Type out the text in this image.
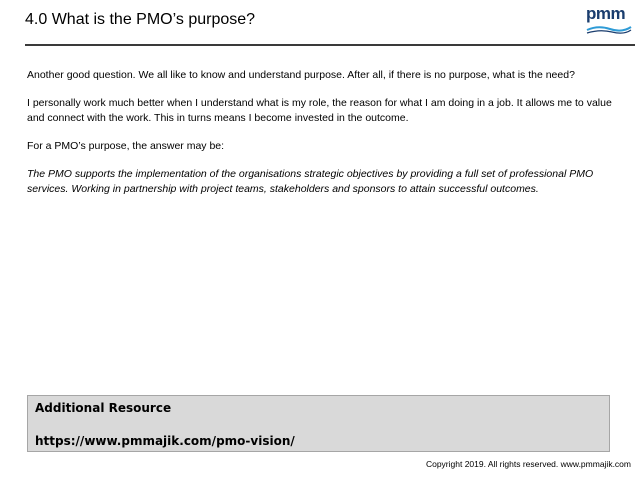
4.0 What is the PMO’s purpose?	pmm

Another good question. We all like to know and understand purpose. After all, if there is no purpose, what is the need?

I personally work much better when I understand what is my role, the reason for what I am doing in a job. It allows me to value and connect with the work. This in turns means I become invested in the outcome.

For a PMO’s purpose, the answer may be:

The PMO supports the implementation of the organisations strategic objectives by providing a full set of professional PMO services. Working in partnership with project teams, stakeholders and sponsors to attain successful outcomes.

Additional Resource
https://www.pmmajik.com/pmo-vision/
Copyright 2019. All rights reserved. www.pmmajik.com
